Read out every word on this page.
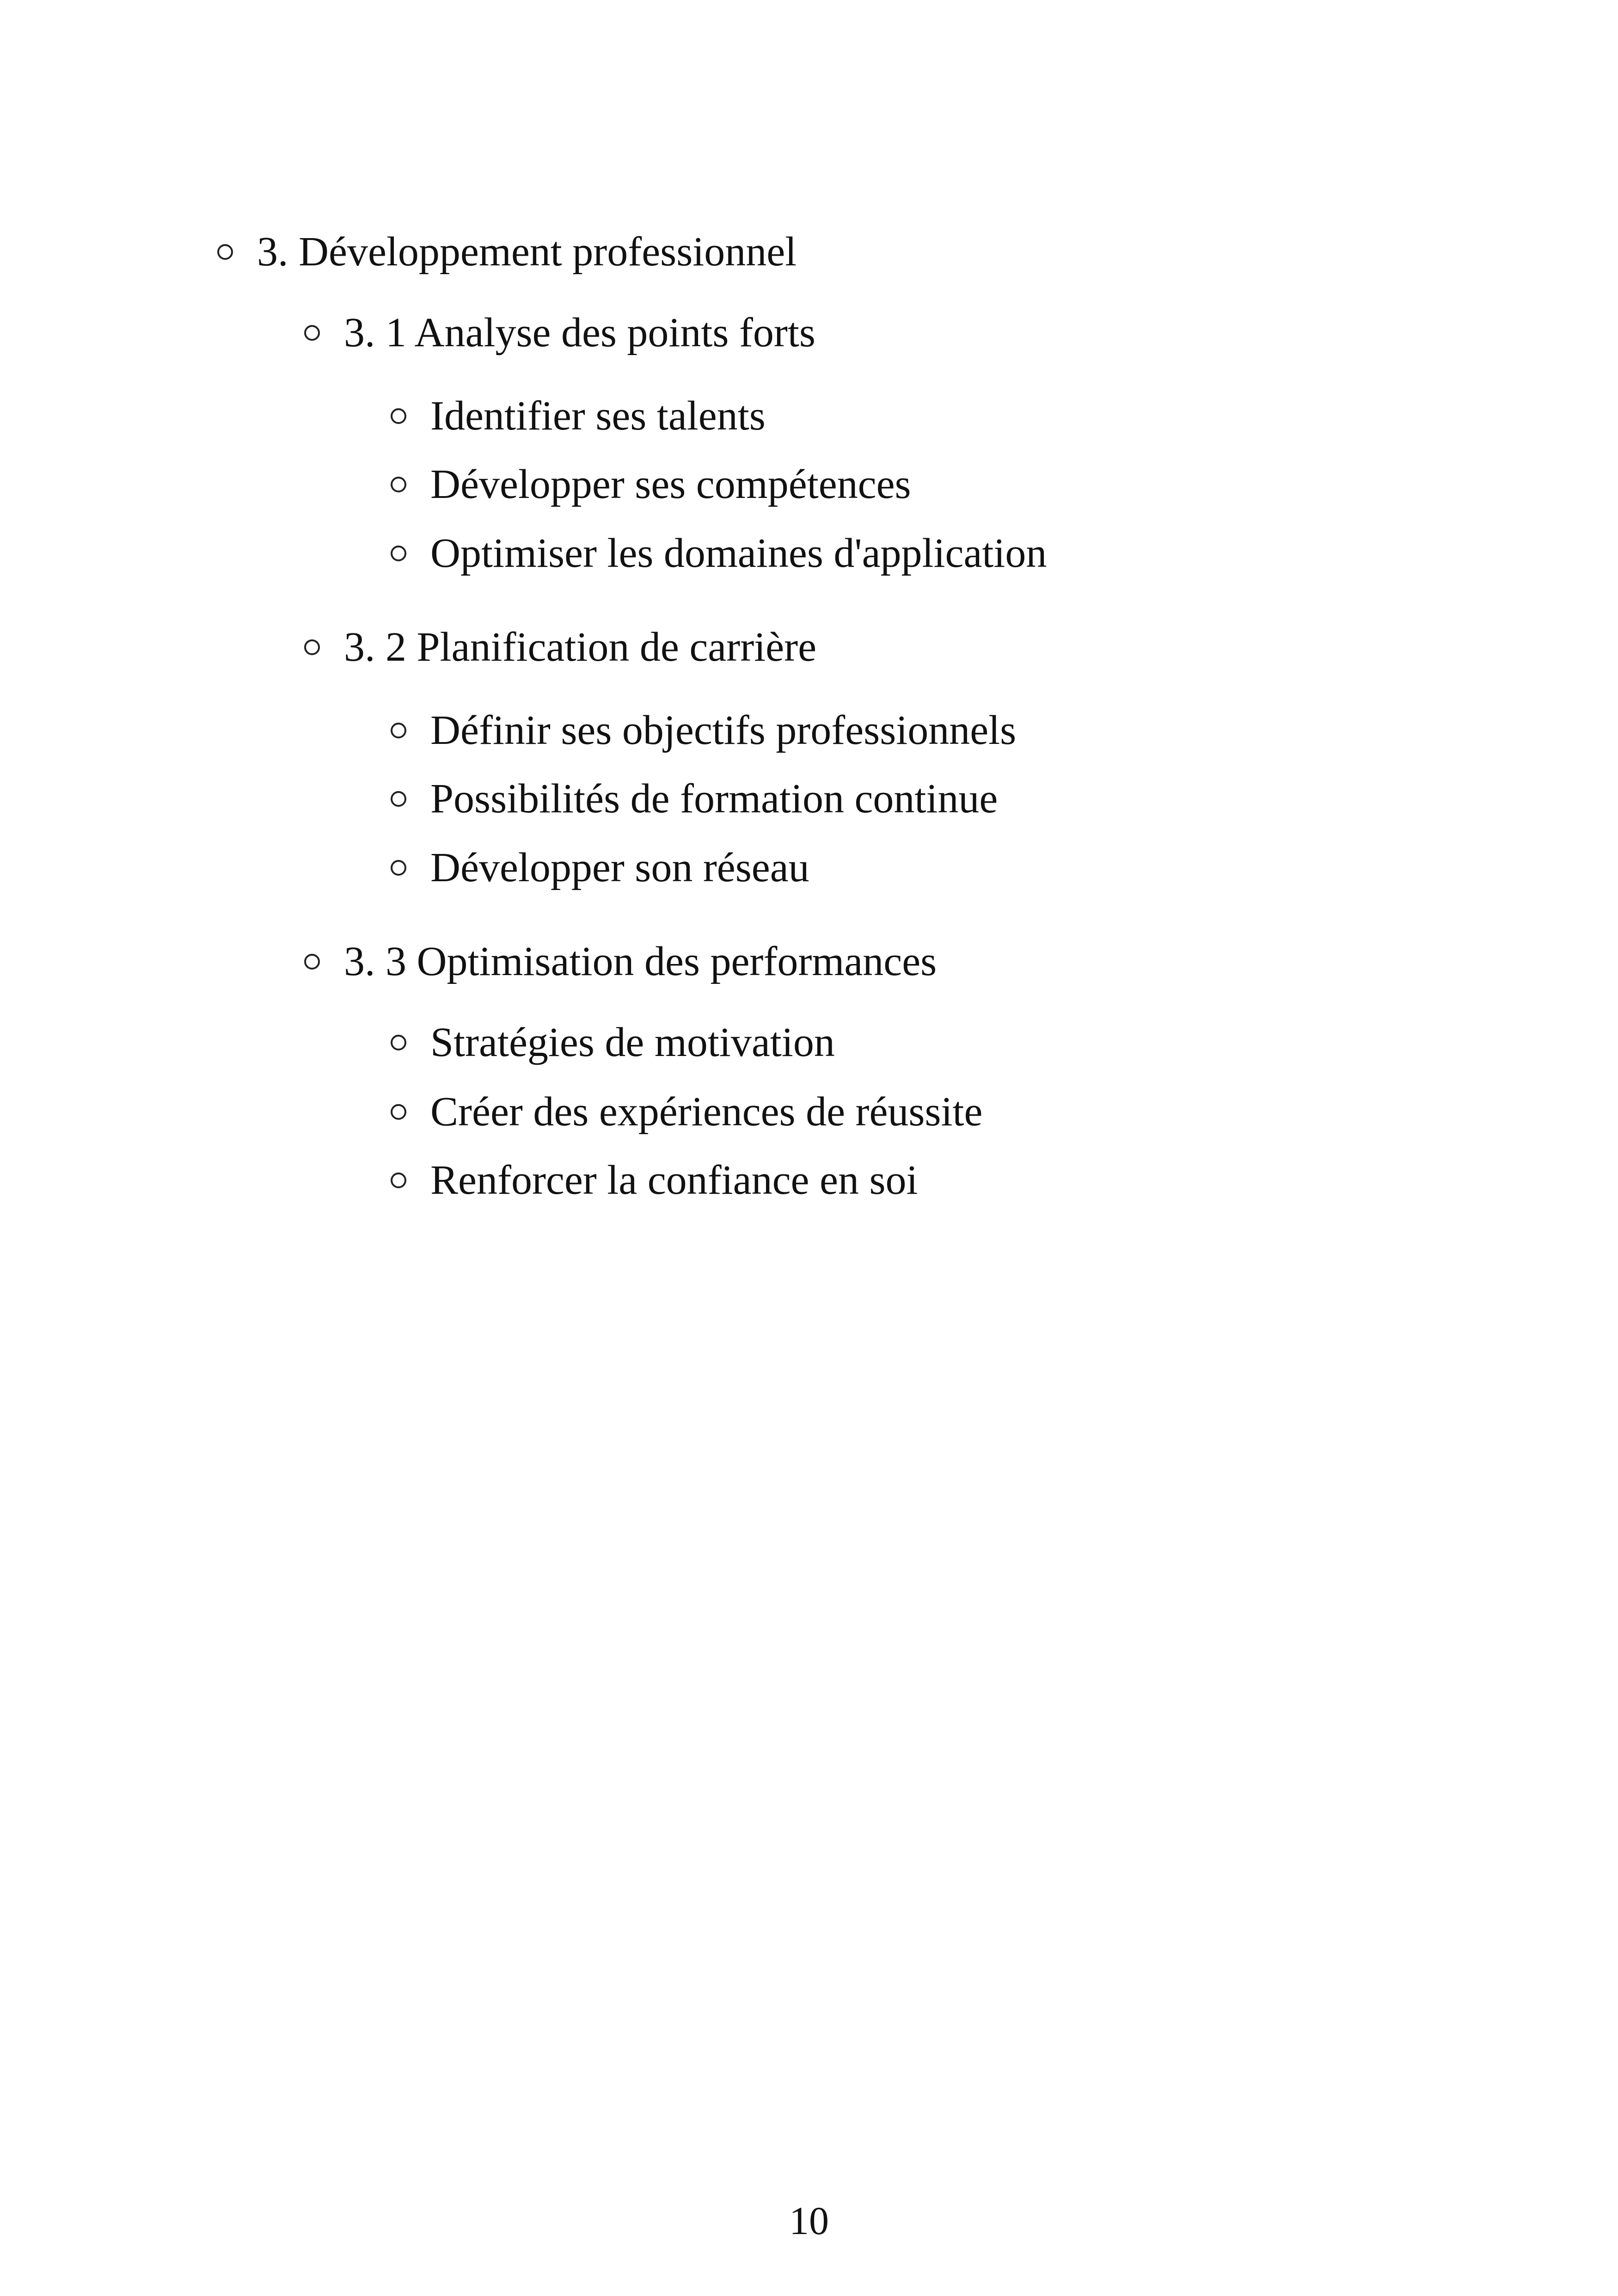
3. Développement professionnel
3. 1 Analyse des points forts
Identifier ses talents
Développer ses compétences
Optimiser les domaines d'application
3. 2 Planification de carrière
Définir ses objectifs professionnels
Possibilités de formation continue
Développer son réseau
3. 3 Optimisation des performances
Stratégies de motivation
Créer des expériences de réussite
Renforcer la confiance en soi
10
